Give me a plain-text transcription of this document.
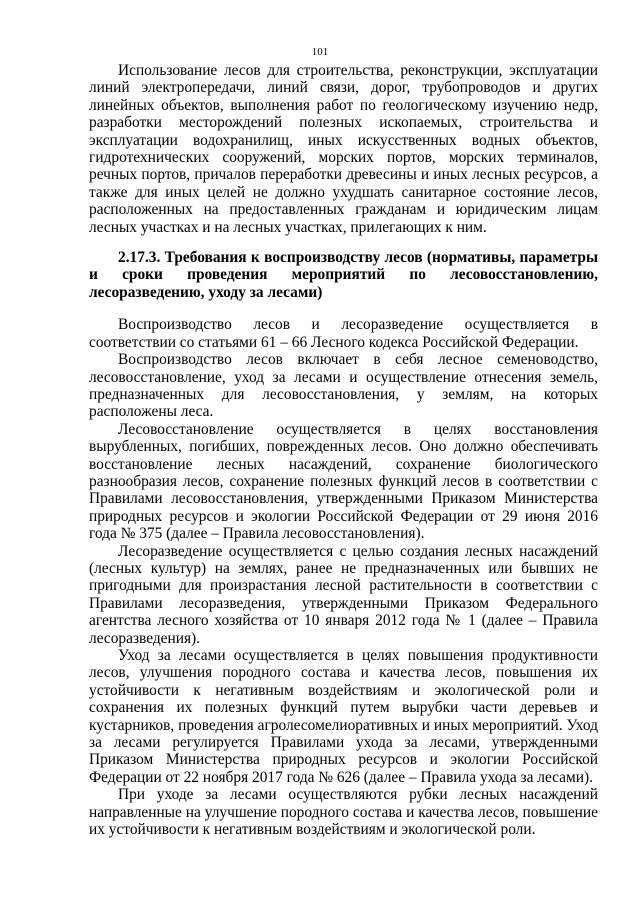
101

Использование лесов для строительства, реконструкции, эксплуатации линий электропередачи, линий связи, дорог, трубопроводов и других линейных объектов, выполнения работ по геологическому изучению недр, разработки месторождений полезных ископаемых, строительства и эксплуатации водохранилищ, иных искусственных водных объектов, гидротехнических сооружений, морских портов, морских терминалов, речных портов, причалов переработки древесины и иных лесных ресурсов, а также для иных целей не должно ухудшать санитарное состояние лесов, расположенных на предоставленных гражданам и юридическим лицам лесных участках и на лесных участках, прилегающих к ним.

2.17.3. Требования к воспроизводству лесов (нормативы, параметры и сроки проведения мероприятий по лесовосстановлению, лесоразведению, уходу за лесами)

Воспроизводство лесов и лесоразведение осуществляется в соответствии со статьями 61 – 66 Лесного кодекса Российской Федерации.

Воспроизводство лесов включает в себя лесное семеноводство, лесовосстановление, уход за лесами и осуществление отнесения земель, предназначенных для лесовосстановления, у землям, на которых расположены леса.

Лесовосстановление осуществляется в целях восстановления вырубленных, погибших, поврежденных лесов. Оно должно обеспечивать восстановление лесных насаждений, сохранение биологического разнообразия лесов, сохранение полезных функций лесов в соответствии с Правилами лесовосстановления, утвержденными Приказом Министерства природных ресурсов и экологии Российской Федерации от 29 июня 2016 года № 375 (далее – Правила лесовосстановления).

Лесоразведение осуществляется с целью создания лесных насаждений (лесных культур) на землях, ранее не предназначенных или бывших не пригодными для произрастания лесной растительности в соответствии с Правилами лесоразведения, утвержденными Приказом Федерального агентства лесного хозяйства от 10 января 2012 года № 1 (далее – Правила лесоразведения).

Уход за лесами осуществляется в целях повышения продуктивности лесов, улучшения породного состава и качества лесов, повышения их устойчивости к негативным воздействиям и экологической роли и сохранения их полезных функций путем вырубки части деревьев и кустарников, проведения агролесомелиоративных и иных мероприятий. Уход за лесами регулируется Правилами ухода за лесами, утвержденными Приказом Министерства природных ресурсов и экологии Российской Федерации от 22 ноября 2017 года № 626 (далее – Правила ухода за лесами).

При уходе за лесами осуществляются рубки лесных насаждений направленные на улучшение породного состава и качества лесов, повышение их устойчивости к негативным воздействиям и экологической роли.
